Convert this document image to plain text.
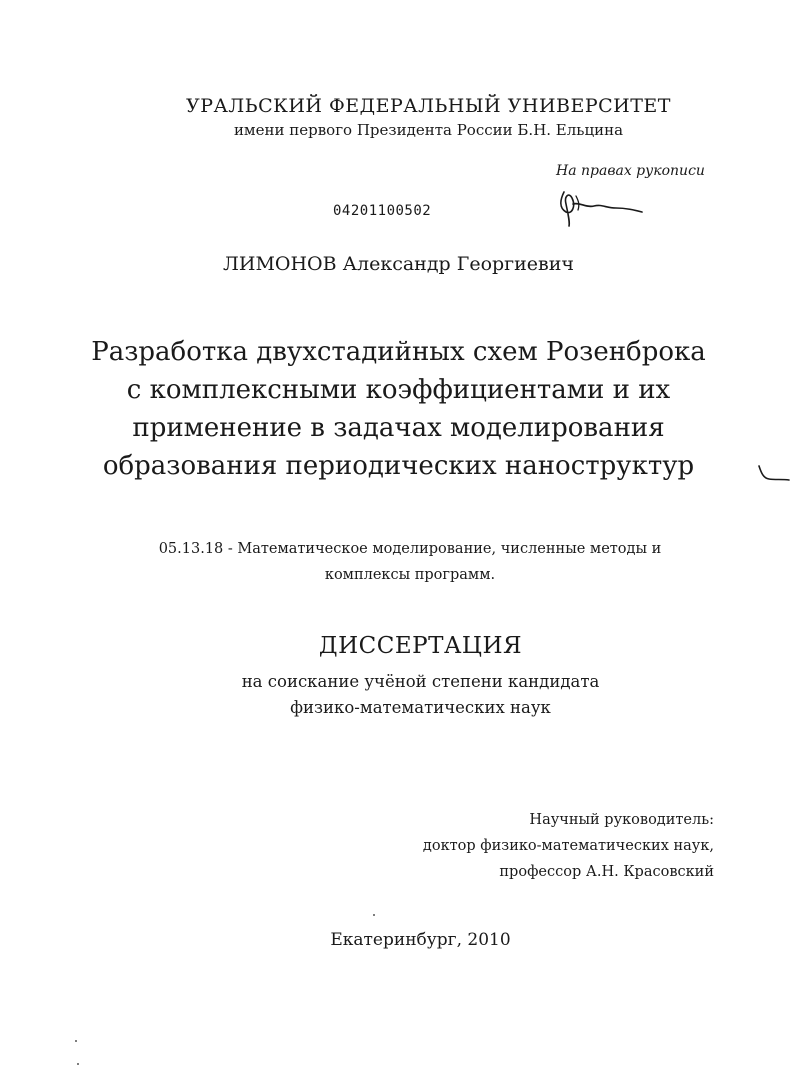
УРАЛЬСКИЙ ФЕДЕРАЛЬНЫЙ УНИВЕРСИТЕТ
имени первого Президента России Б.Н. Ельцина
На правах рукописи
04201100502
ЛИМОНОВ Александр Георгиевич
Разработка двухстадийных схем Розенброка
с комплексными коэффициентами и их
применение в задачах моделирования
образования периодических наноструктур
05.13.18 - Математическое моделирование, численные методы и
комплексы программ.
ДИССЕРТАЦИЯ
на соискание учёной степени кандидата
физико-математических наук
Научный руководитель:
доктор физико-математических наук,
профессор А.Н. Красовский
Екатеринбург, 2010
